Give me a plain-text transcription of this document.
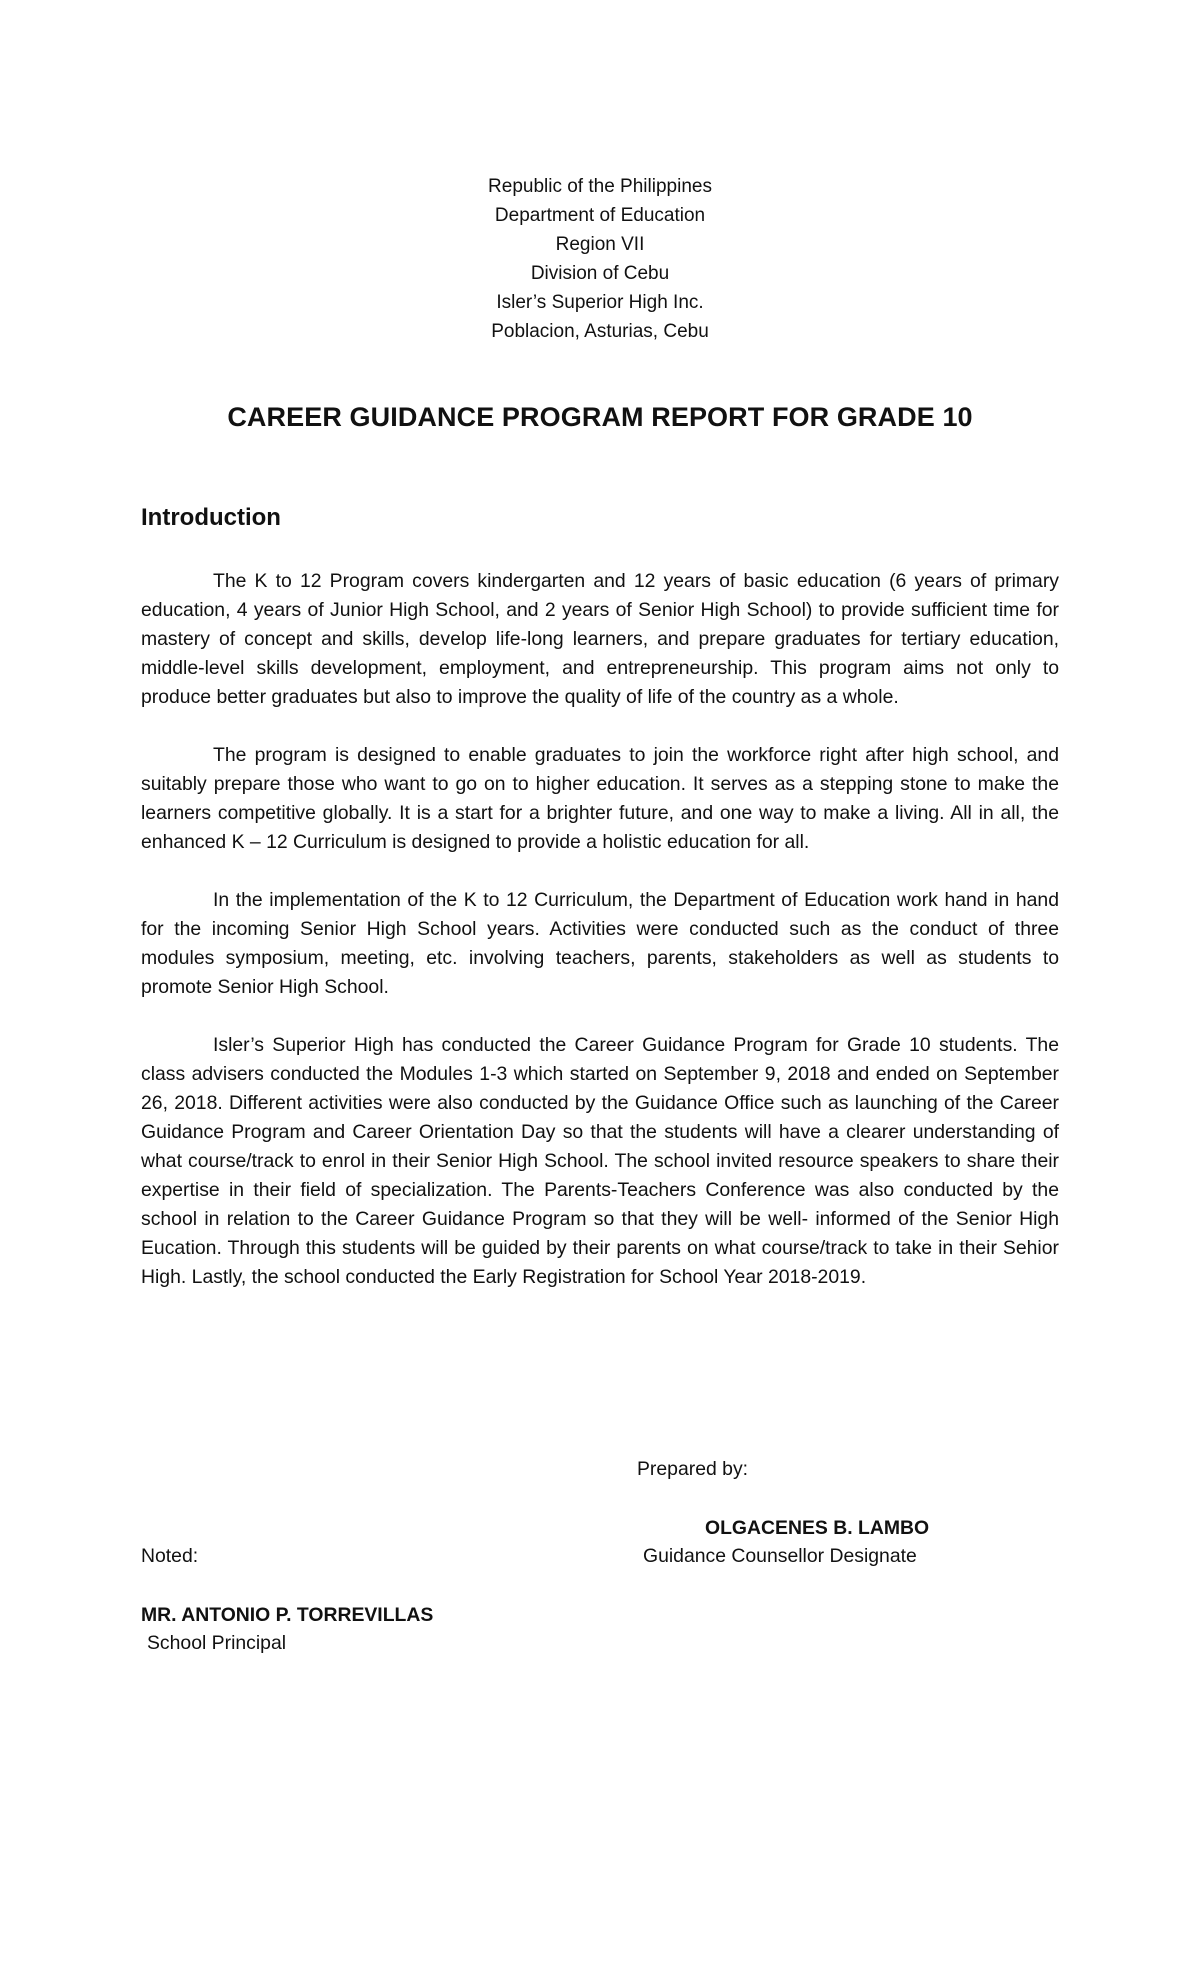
Republic of the Philippines
Department of Education
Region VII
Division of Cebu
Isler’s Superior High Inc.
Poblacion, Asturias, Cebu
CAREER GUIDANCE PROGRAM REPORT FOR GRADE 10
Introduction

The K to 12 Program covers kindergarten and 12 years of basic education (6 years of primary education, 4 years of Junior High School, and 2 years of Senior High School) to provide sufficient time for mastery of concept and skills, develop life-long learners, and prepare graduates for tertiary education, middle-level skills development, employment, and entrepreneurship. This program aims not only to produce better graduates but also to improve the quality of life of the country as a whole.

The program is designed to enable graduates to join the workforce right after high school, and suitably prepare those who want to go on to higher education. It serves as a stepping stone to make the learners competitive globally. It is a start for a brighter future, and one way to make a living. All in all, the enhanced K – 12 Curriculum is designed to provide a holistic education for all.

In the implementation of the K to 12 Curriculum, the Department of Education work hand in hand for the incoming Senior High School years. Activities were conducted such as the conduct of three modules symposium, meeting, etc. involving teachers, parents, stakeholders as well as students to promote Senior High School.

Isler’s Superior High has conducted the Career Guidance Program for Grade 10 students. The class advisers conducted the Modules 1-3 which started on September 9, 2018 and ended on September 26, 2018. Different activities were also conducted by the Guidance Office such as launching of the Career Guidance Program and Career Orientation Day so that the students will have a clearer understanding of what course/track to enrol in their Senior High School. The school invited resource speakers to share their expertise in their field of specialization. The Parents-Teachers Conference was also conducted by the school in relation to the Career Guidance Program so that they will be well- informed of the Senior High Eucation. Through this students will be guided by their parents on what course/track to take in their Sehior High. Lastly, the school conducted the Early Registration for School Year 2018-2019.

Prepared by:
OLGACENES B. LAMBO
Guidance Counsellor Designate
Noted:
MR. ANTONIO P. TORREVILLAS
School Principal
